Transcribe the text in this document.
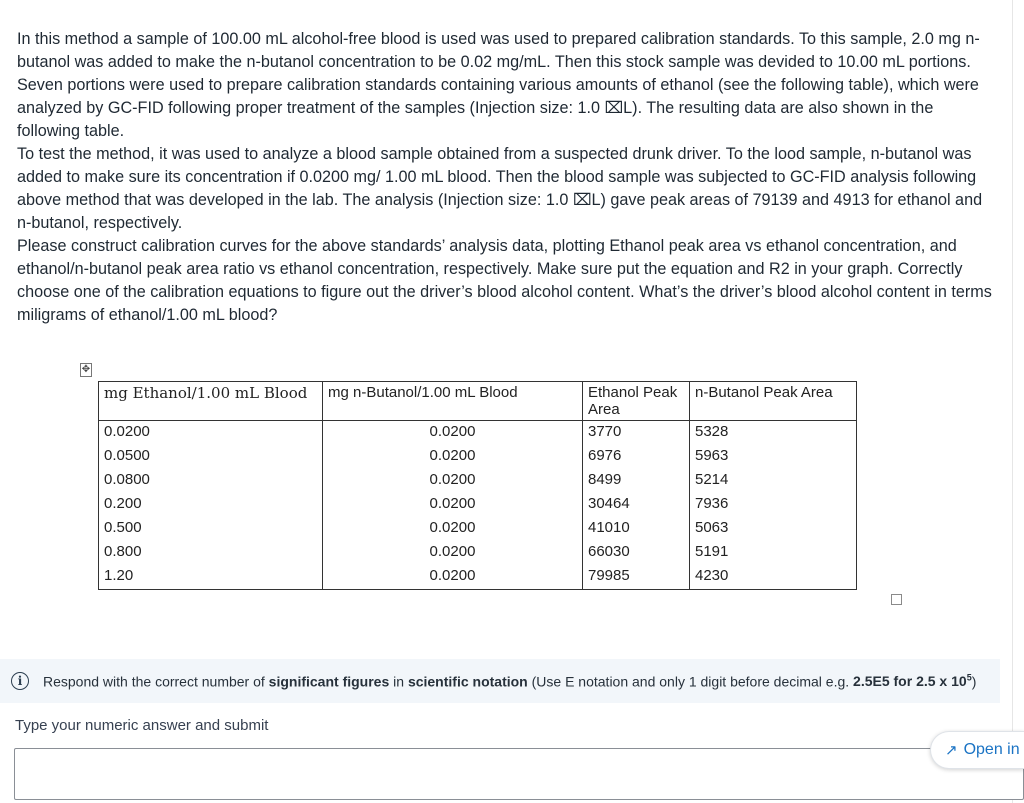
In this method a sample of 100.00 mL alcohol-free blood is used was used to prepared calibration standards. To this sample, 2.0 mg n-butanol was added to make the n-butanol concentration to be 0.02 mg/mL. Then this stock sample was devided to 10.00 mL portions. Seven portions were used to prepare calibration standards containing various amounts of ethanol (see the following table), which were analyzed by GC-FID following proper treatment of the samples (Injection size: 1.0 ⌧L). The resulting data are also shown in the following table.

To test the method, it was used to analyze a blood sample obtained from a suspected drunk driver. To the lood sample, n-butanol was added to make sure its concentration if 0.0200 mg/ 1.00 mL blood. Then the blood sample was subjected to GC-FID analysis following above method that was developed in the lab. The analysis (Injection size: 1.0 ⌧L) gave peak areas of 79139 and 4913 for ethanol and n-butanol, respectively.

Please construct calibration curves for the above standards’ analysis data, plotting Ethanol peak area vs ethanol concentration, and ethanol/n-butanol peak area ratio vs ethanol concentration, respectively. Make sure put the equation and R2 in your graph. Correctly choose one of the calibration equations to figure out the driver’s blood alcohol content. What’s the driver’s blood alcohol content in terms miligrams of ethanol/1.00 mL blood?

✥
mg Ethanol/1.00 mL Blood	mg n-Butanol/1.00 mL Blood	Ethanol Peak Area	n-Butanol Peak Area
0.0200	0.0200	3770	5328
0.0500	0.0200	6976	5963
0.0800	0.0200	8499	5214
0.200	0.0200	30464	7936
0.500	0.0200	41010	5063
0.800	0.0200	66030	5191
1.20	0.0200	79985	4230
i	Respond with the correct number of significant figures in scientific notation (Use E notation and only 1 digit before decimal e.g. 2.5E5 for 2.5 x $10^5$)
Type your numeric answer and submit
↗ Open in
